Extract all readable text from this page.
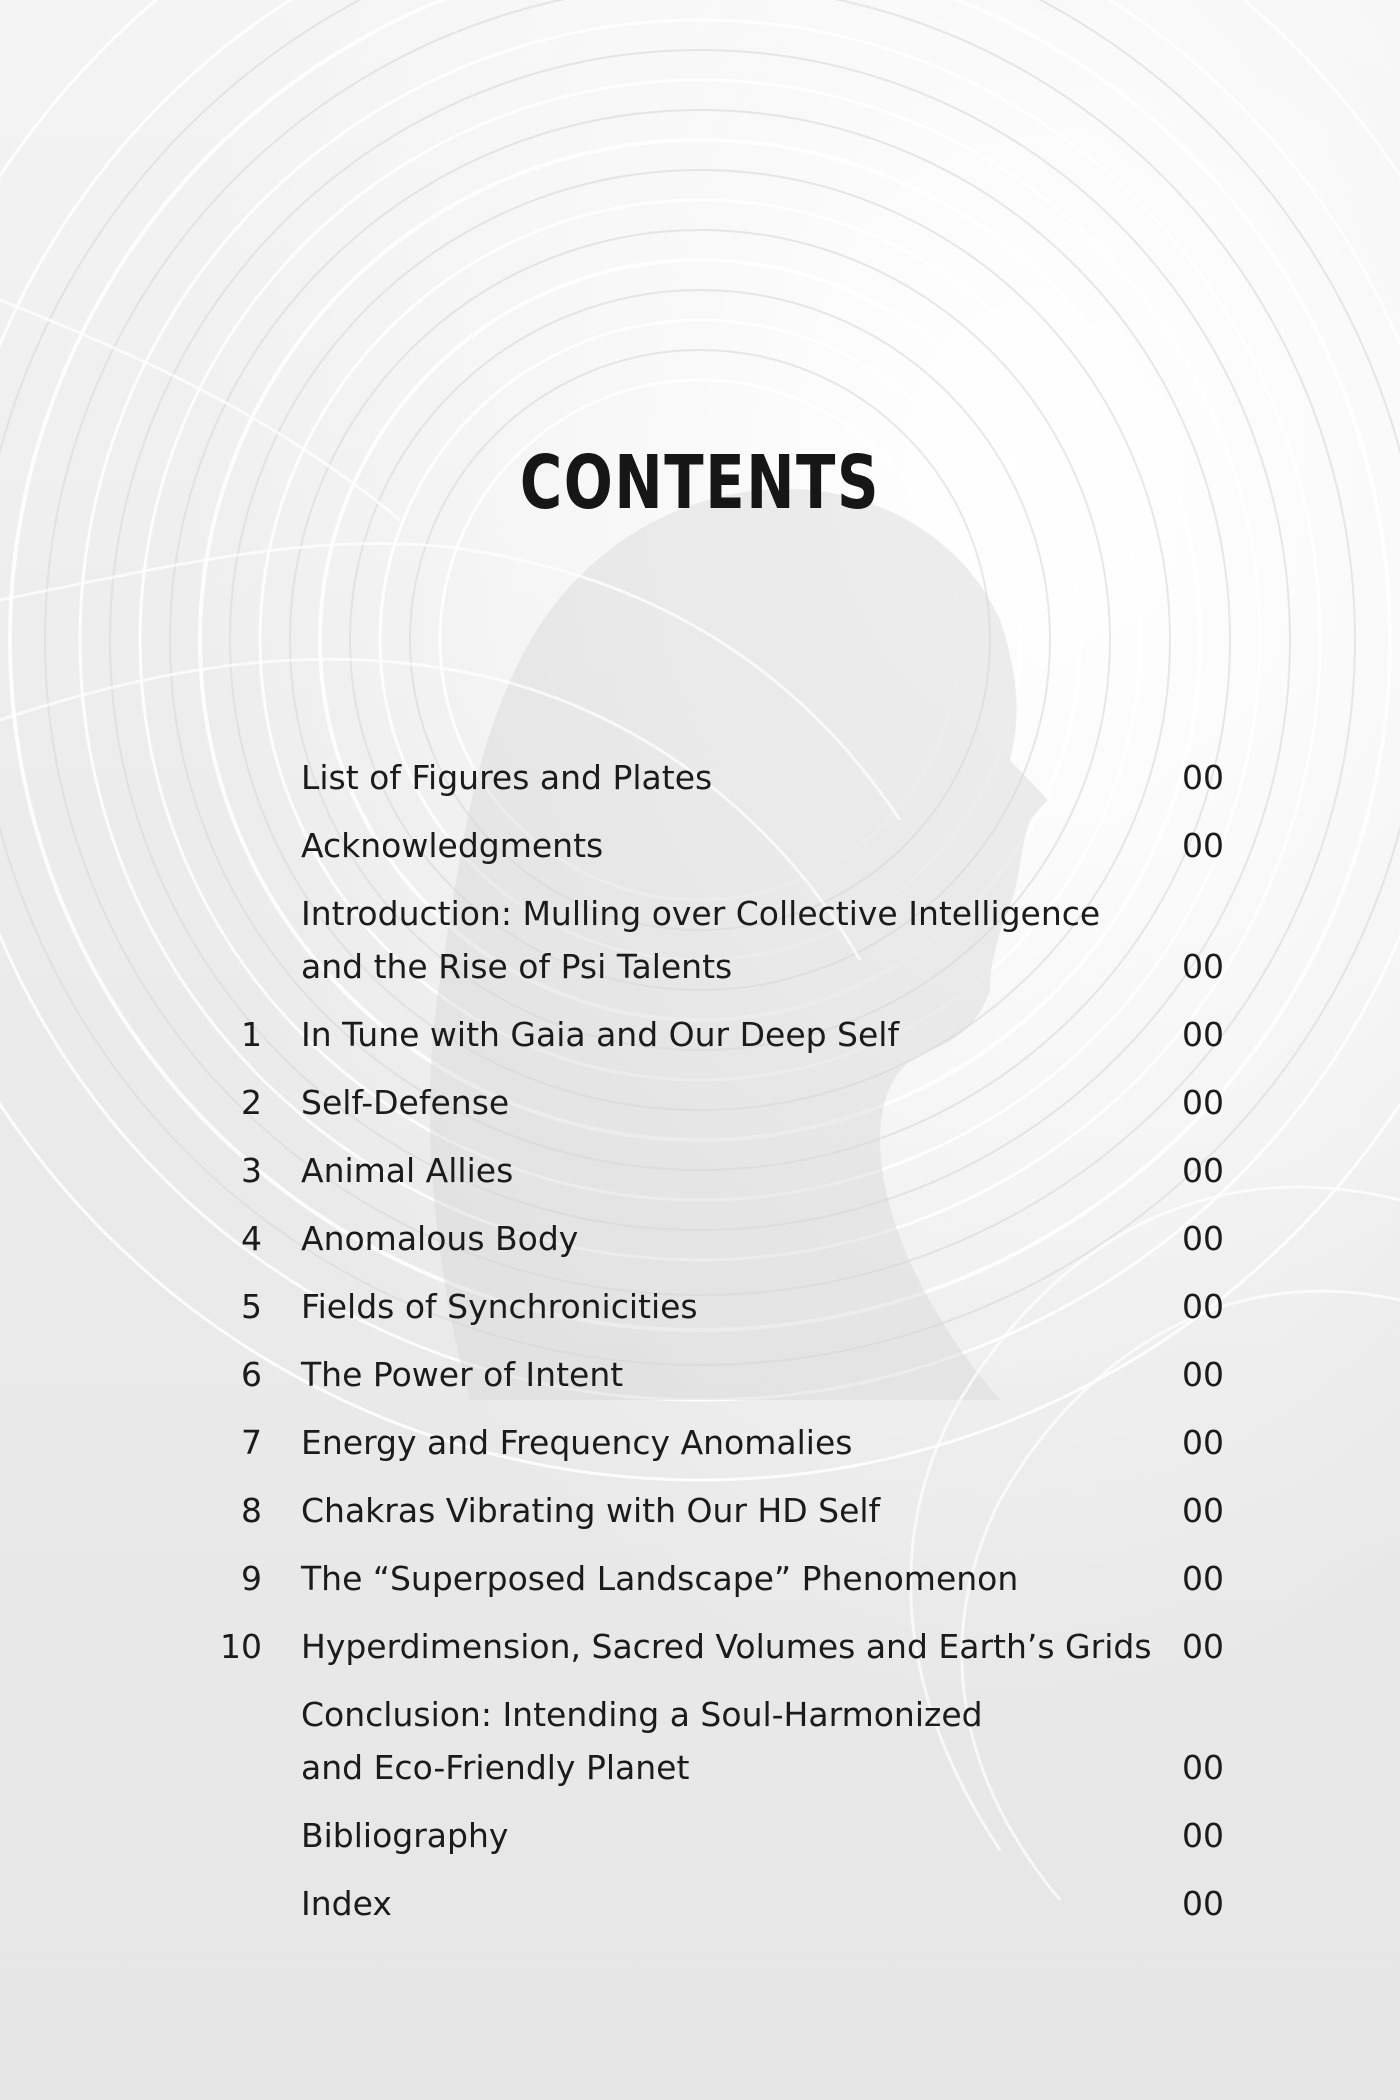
CONTENTS
List of Figures and Plates	00
Acknowledgments	00
Introduction: Mulling over Collective Intelligence
and the Rise of Psi Talents	00
1 In Tune with Gaia and Our Deep Self	00
2 Self-Defense	00
3 Animal Allies	00
4 Anomalous Body	00
5 Fields of Synchronicities	00
6 The Power of Intent	00
7 Energy and Frequency Anomalies	00
8 Chakras Vibrating with Our HD Self	00
9 The “Superposed Landscape” Phenomenon	00
10 Hyperdimension, Sacred Volumes and Earth’s Grids 00
Conclusion: Intending a Soul-Harmonized
and Eco-Friendly Planet	00
Bibliography	00
Index	00
